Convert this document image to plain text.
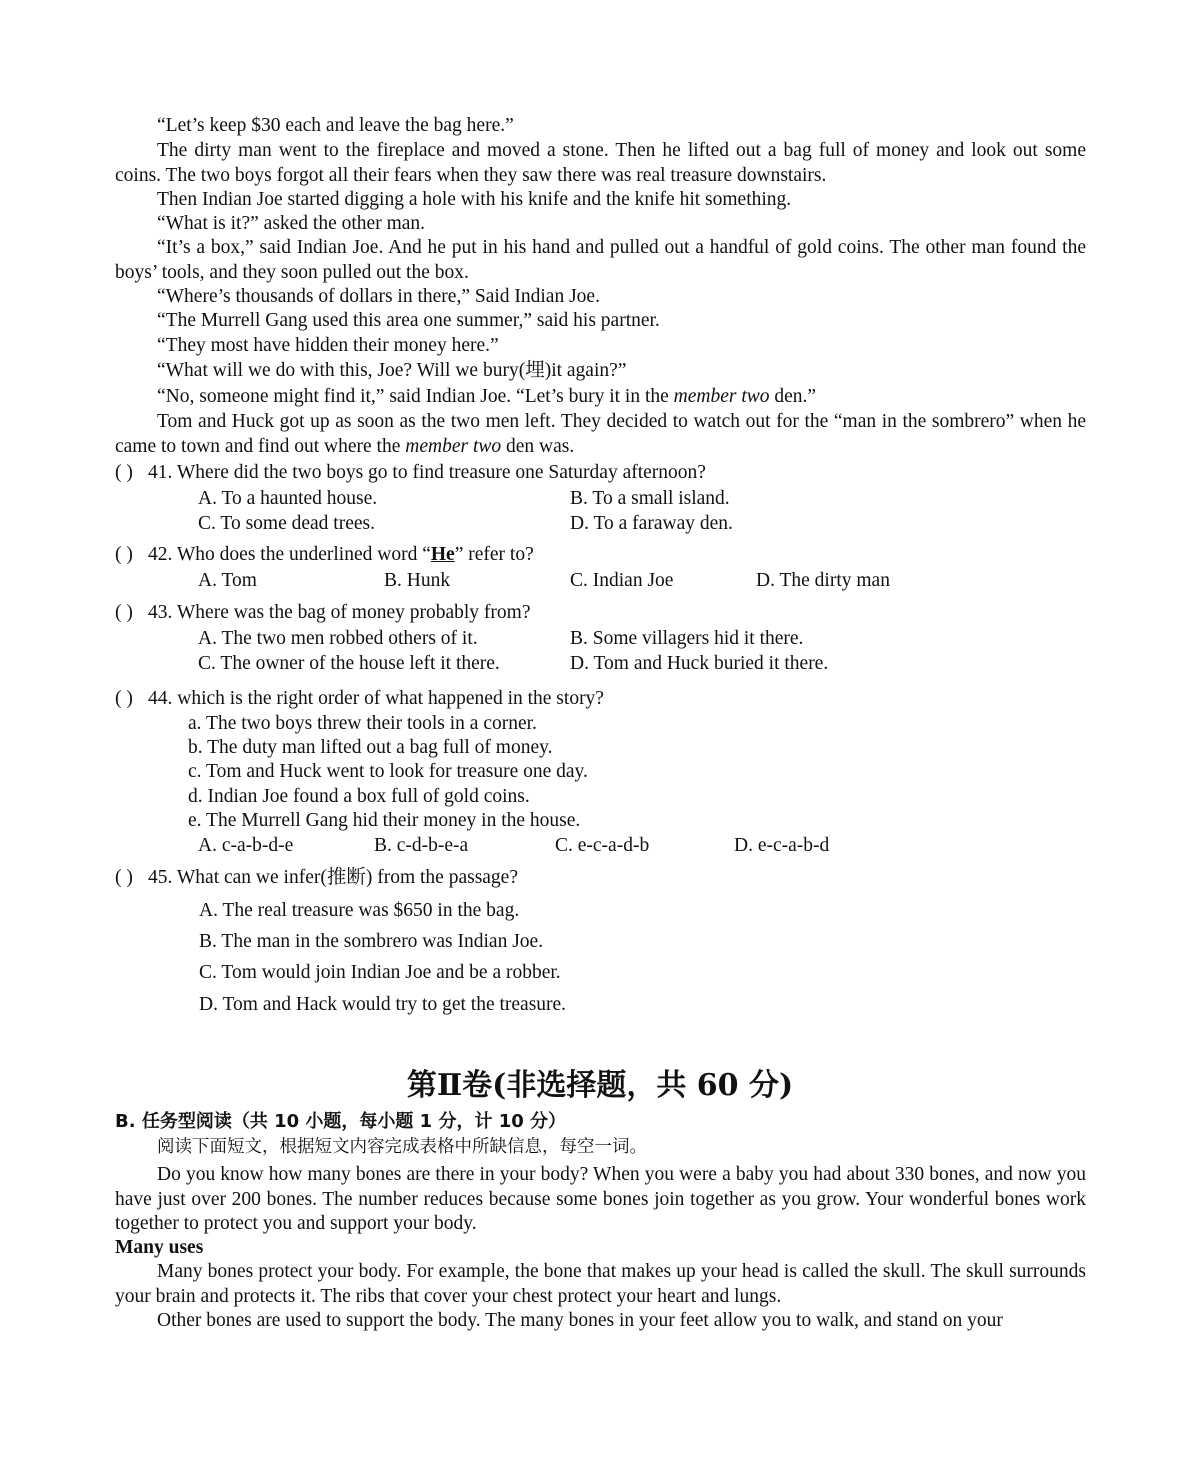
“Let’s keep $30 each and leave the bag here.”

The dirty man went to the fireplace and moved a stone. Then he lifted out a bag full of money and look out some coins. The two boys forgot all their fears when they saw there was real treasure downstairs.

Then Indian Joe started digging a hole with his knife and the knife hit something.

“What is it?” asked the other man.

“It’s a box,” said Indian Joe. And he put in his hand and pulled out a handful of gold coins. The other man found the boys’ tools, and they soon pulled out the box.

“Where’s thousands of dollars in there,” Said Indian Joe.

“The Murrell Gang used this area one summer,” said his partner.

“They most have hidden their money here.”

“What will we do with this, Joe? Will we bury(埋)it again?”

“No, someone might find it,” said Indian Joe. “Let’s bury it in the member two den.”

Tom and Huck got up as soon as the two men left. They decided to watch out for the “man in the sombrero” when he came to town and find out where the member two den was.

( ) 41. Where did the two boys go to find treasure one Saturday afternoon?
A. To a haunted house.	B. To a small island.
C. To some dead trees.	D. To a faraway den.
( ) 42. Who does the underlined word “He” refer to?
A. Tom	B. Hunk	C. Indian Joe	D. The dirty man
( ) 43. Where was the bag of money probably from?
A. The two men robbed others of it.	B. Some villagers hid it there.
C. The owner of the house left it there.	D. Tom and Huck buried it there.
( ) 44. which is the right order of what happened in the story?
a. The two boys threw their tools in a corner.
b. The duty man lifted out a bag full of money.
c. Tom and Huck went to look for treasure one day.
d. Indian Joe found a box full of gold coins.
e. The Murrell Gang hid their money in the house.
A. c-a-b-d-e	B. c-d-b-e-a	C. e-c-a-d-b	D. e-c-a-b-d
( ) 45. What can we infer(推断) from the passage?
A. The real treasure was $650 in the bag.
B. The man in the sombrero was Indian Joe.
C. Tom would join Indian Joe and be a robber.
D. Tom and Hack would try to get the treasure.
第Ⅱ卷(非选择题，共 60 分)
B. 任务型阅读（共 10 小题，每小题 1 分，计 10 分）
阅读下面短文，根据短文内容完成表格中所缺信息，每空一词。

Do you know how many bones are there in your body? When you were a baby you had about 330 bones, and now you have just over 200 bones. The number reduces because some bones join together as you grow. Your wonderful bones work together to protect you and support your body.

Many uses

Many bones protect your body. For example, the bone that makes up your head is called the skull. The skull surrounds your brain and protects it. The ribs that cover your chest protect your heart and lungs.

Other bones are used to support the body. The many bones in your feet allow you to walk, and stand on your
